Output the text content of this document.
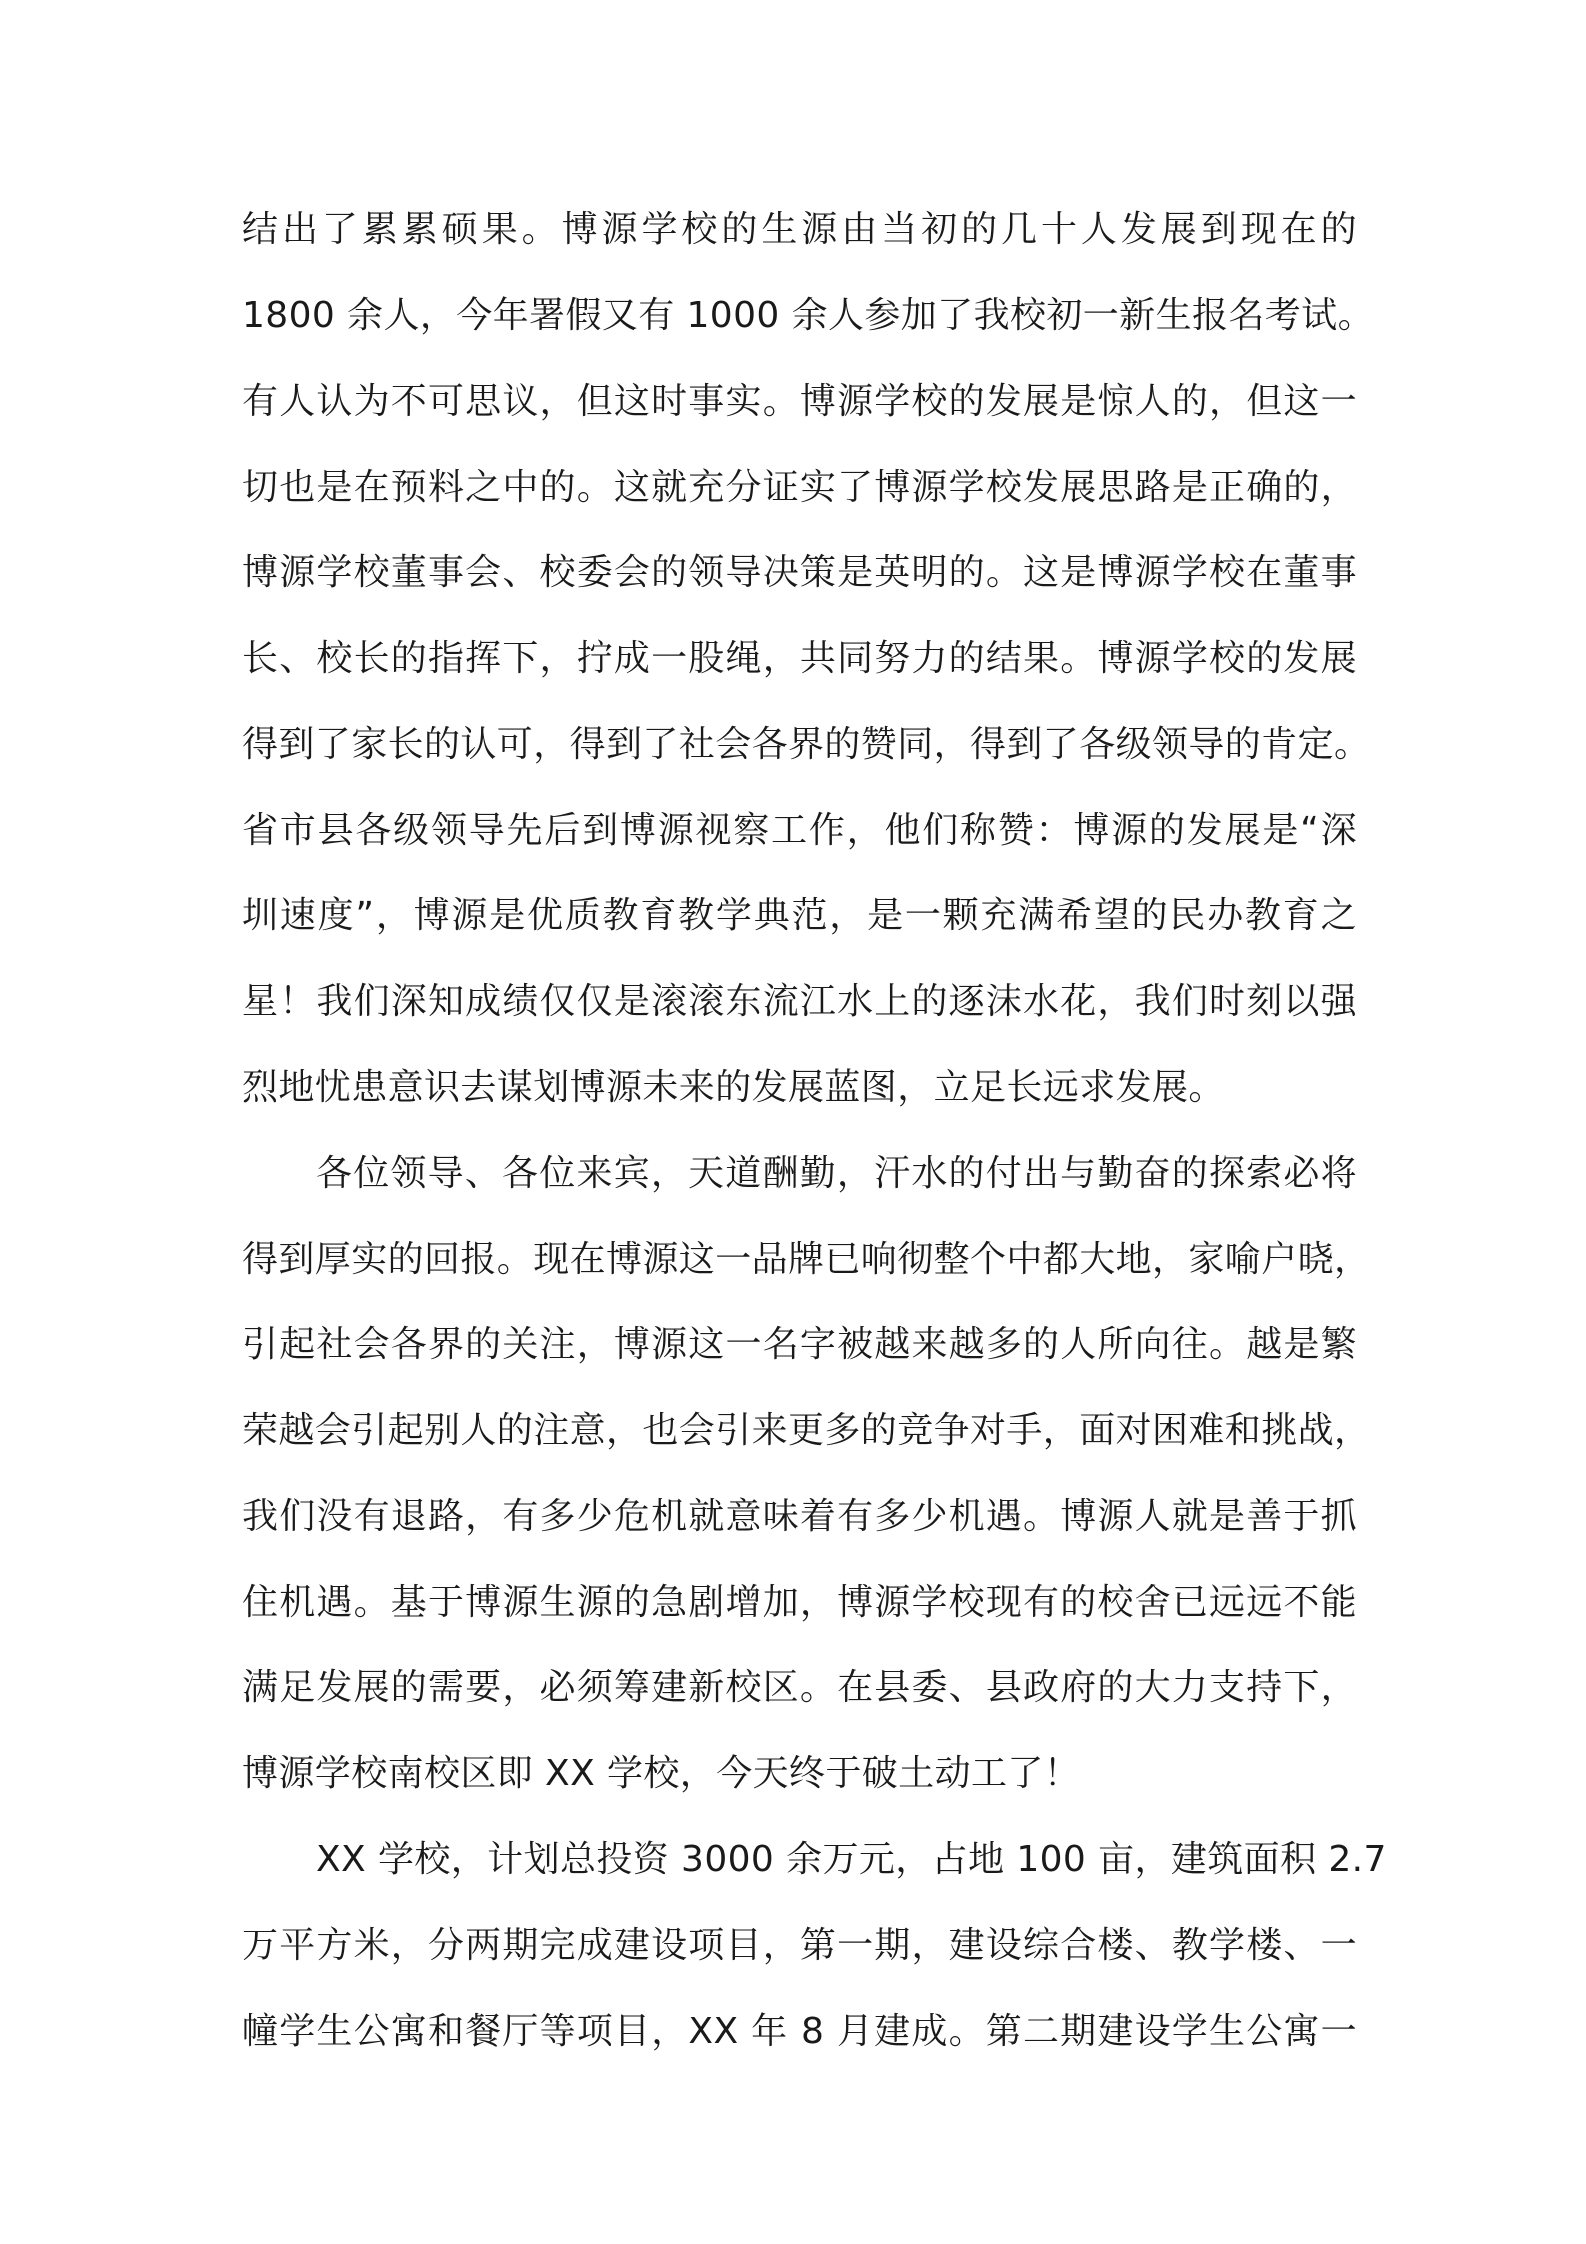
结出了累累硕果。博源学校的生源由当初的几十人发展到现在的
1800 余人，今年署假又有 1000 余人参加了我校初一新生报名考试。
有人认为不可思议，但这时事实。博源学校的发展是惊人的，但这一
切也是在预料之中的。这就充分证实了博源学校发展思路是正确的，
博源学校董事会、校委会的领导决策是英明的。这是博源学校在董事
长、校长的指挥下，拧成一股绳，共同努力的结果。博源学校的发展
得到了家长的认可，得到了社会各界的赞同，得到了各级领导的肯定。
省市县各级领导先后到博源视察工作，他们称赞：博源的发展是“深
圳速度”，博源是优质教育教学典范，是一颗充满希望的民办教育之
星！我们深知成绩仅仅是滚滚东流江水上的逐沫水花，我们时刻以强
烈地忧患意识去谋划博源未来的发展蓝图，立足长远求发展。
各位领导、各位来宾，天道酬勤，汗水的付出与勤奋的探索必将
得到厚实的回报。现在博源这一品牌已响彻整个中都大地，家喻户晓，
引起社会各界的关注，博源这一名字被越来越多的人所向往。越是繁
荣越会引起别人的注意，也会引来更多的竞争对手，面对困难和挑战，
我们没有退路，有多少危机就意味着有多少机遇。博源人就是善于抓
住机遇。基于博源生源的急剧增加，博源学校现有的校舍已远远不能
满足发展的需要，必须筹建新校区。在县委、县政府的大力支持下，
博源学校南校区即 XX 学校，今天终于破土动工了！
XX 学校，计划总投资 3000 余万元，占地 100 亩，建筑面积 2.7
万平方米，分两期完成建设项目，第一期，建设综合楼、教学楼、一
幢学生公寓和餐厅等项目，XX 年 8 月建成。第二期建设学生公寓一
